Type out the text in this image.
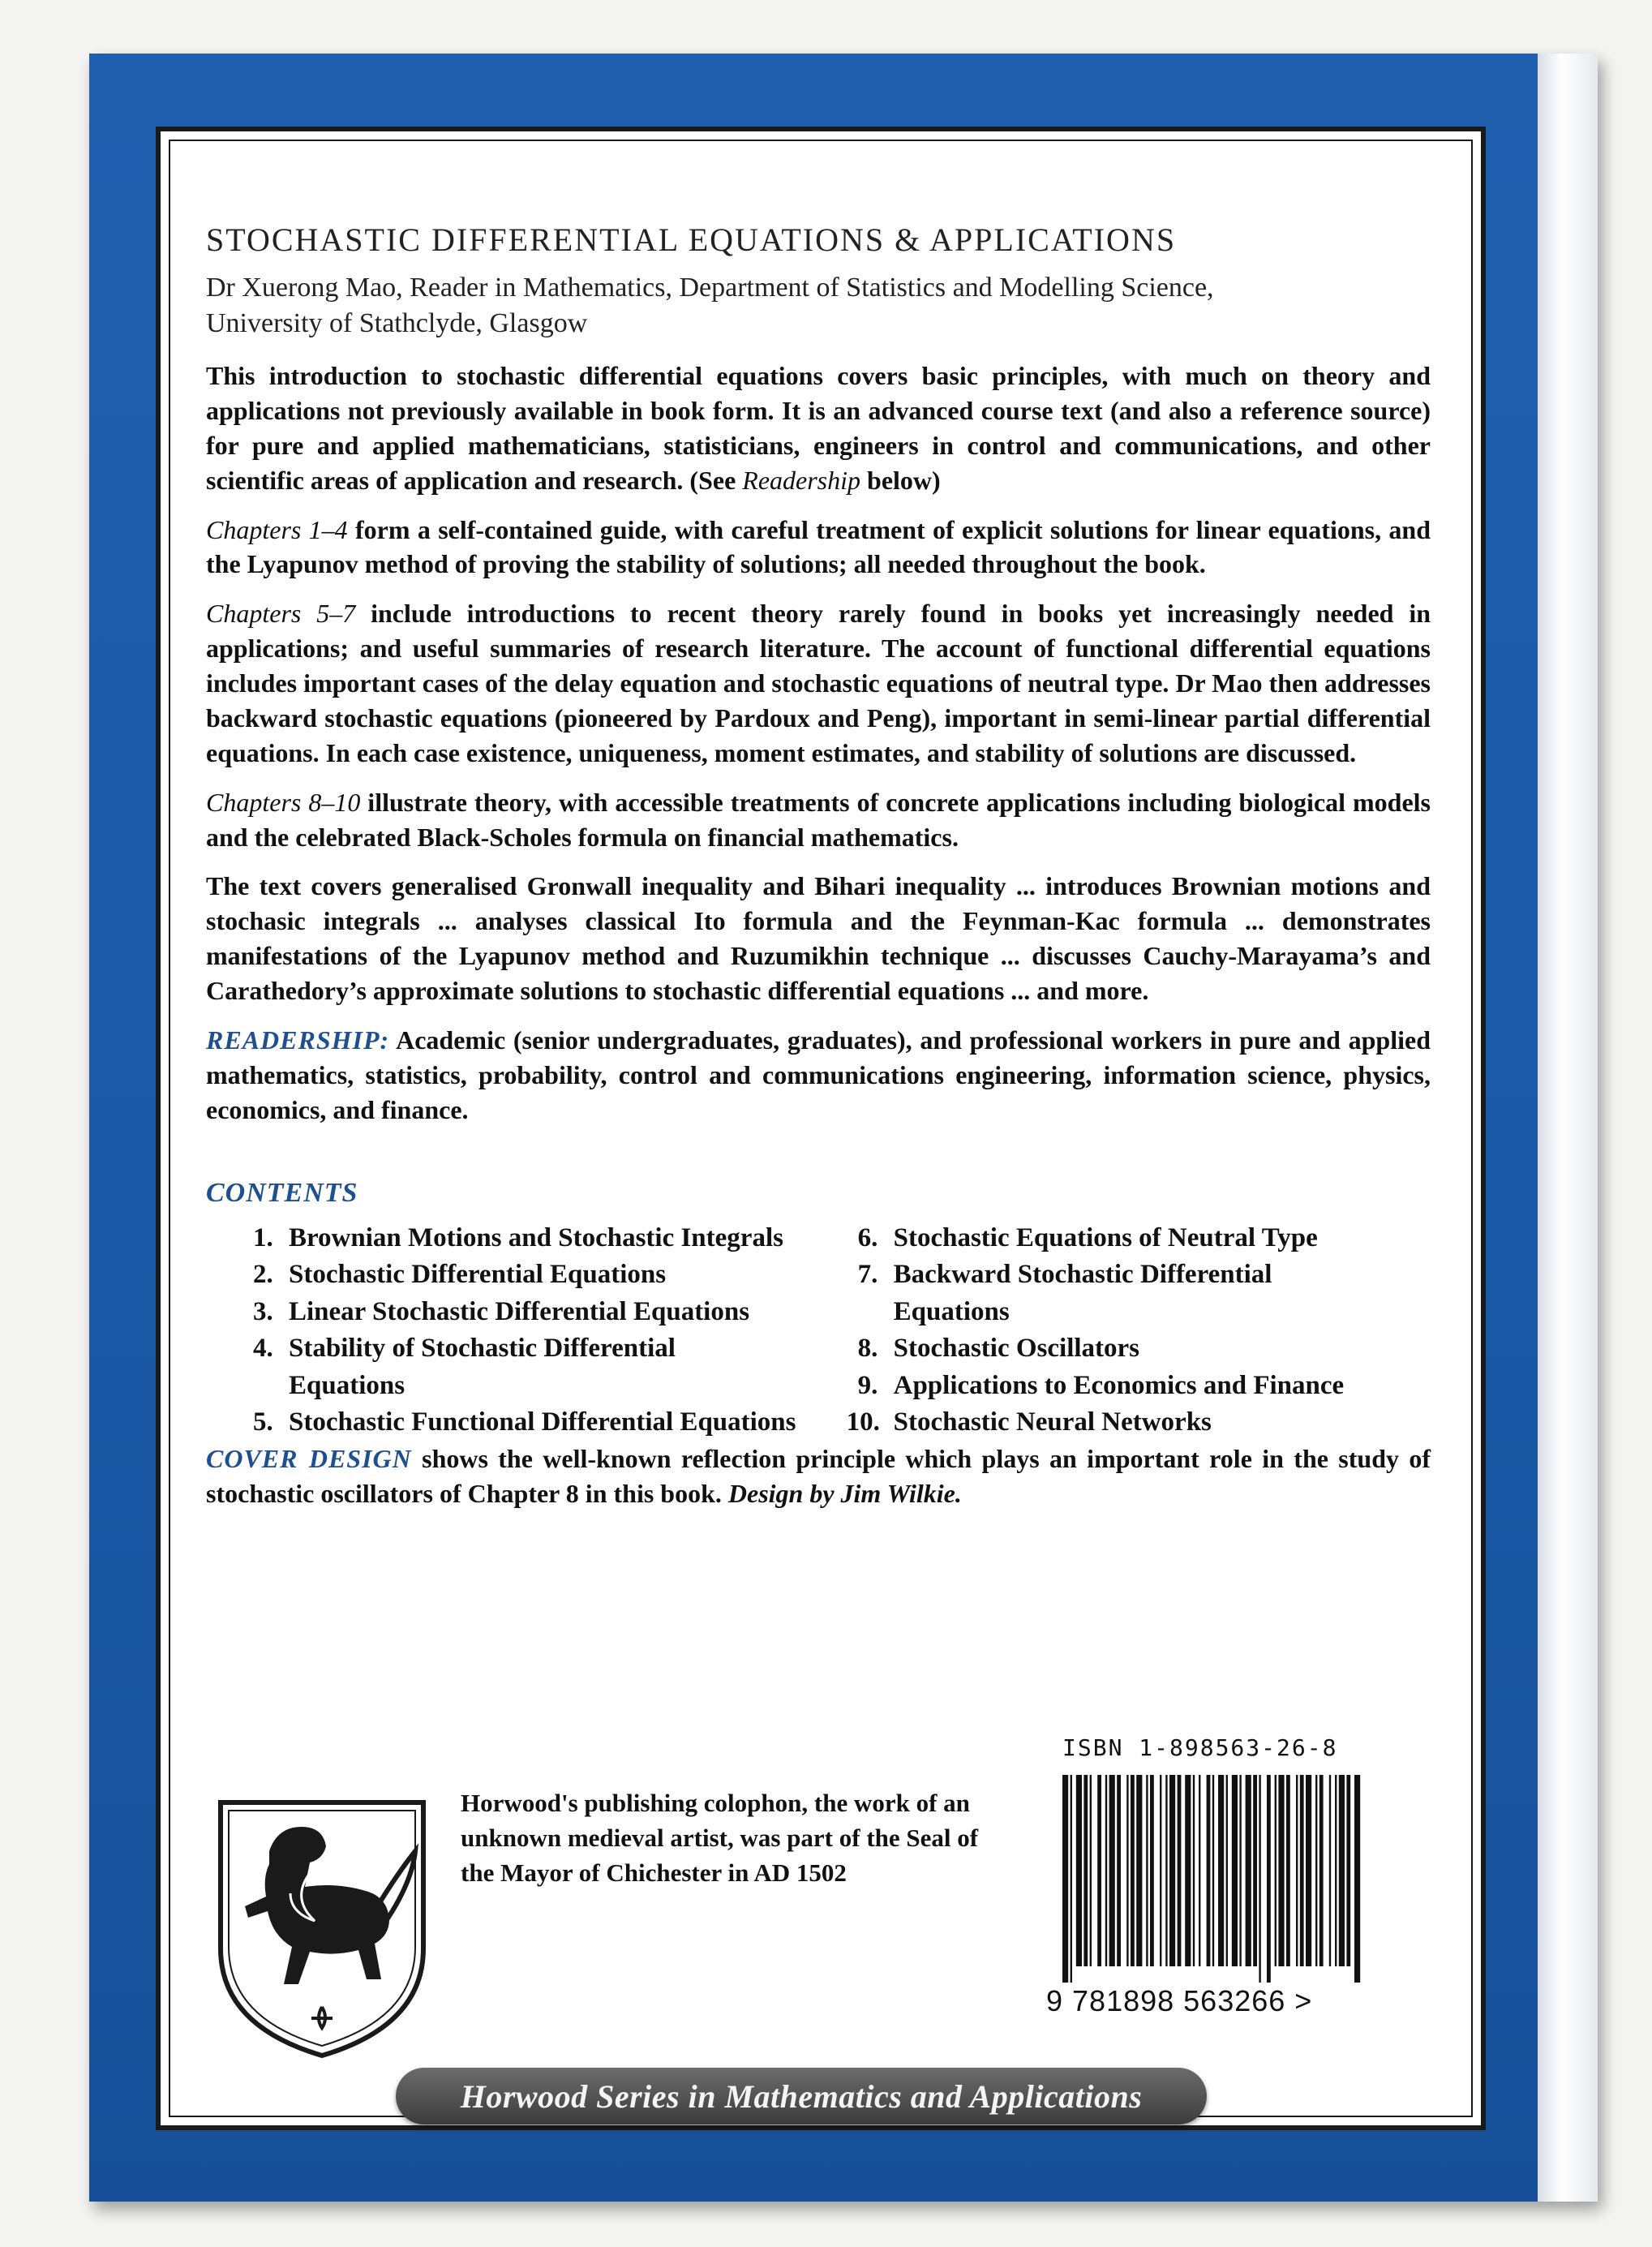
STOCHASTIC DIFFERENTIAL EQUATIONS & APPLICATIONS
Dr Xuerong Mao, Reader in Mathematics, Department of Statistics and Modelling Science,
University of Stathclyde, Glasgow

This introduction to stochastic differential equations covers basic principles, with much on theory and applications not previously available in book form. It is an advanced course text (and also a reference source) for pure and applied mathematicians, statisticians, engineers in control and communications, and other scientific areas of application and research. (See Readership below)

Chapters 1–4 form a self-contained guide, with careful treatment of explicit solutions for linear equations, and the Lyapunov method of proving the stability of solutions; all needed throughout the book.

Chapters 5–7 include introductions to recent theory rarely found in books yet increasingly needed in applications; and useful summaries of research literature. The account of functional differential equations includes important cases of the delay equation and stochastic equations of neutral type. Dr Mao then addresses backward stochastic equations (pioneered by Pardoux and Peng), important in semi-linear partial differential equations. In each case existence, uniqueness, moment estimates, and stability of solutions are discussed.

Chapters 8–10 illustrate theory, with accessible treatments of concrete applications including biological models and the celebrated Black-Scholes formula on financial mathematics.

The text covers generalised Gronwall inequality and Bihari inequality ... introduces Brownian motions and stochasic integrals ... analyses classical Ito formula and the Feynman-Kac formula ... demonstrates manifestations of the Lyapunov method and Ruzumikhin technique ... discusses Cauchy-Marayama’s and Carathedory’s approximate solutions to stochastic differential equations ... and more.

READERSHIP: Academic (senior undergraduates, graduates), and professional workers in pure and applied mathematics, statistics, probability, control and communications engineering, information science, physics, economics, and finance.

CONTENTS
1. Brownian Motions and Stochastic Integrals
2. Stochastic Differential Equations
3. Linear Stochastic Differential Equations
4. Stability of Stochastic Differential Equations
5. Stochastic Functional Differential Equations
6. Stochastic Equations of Neutral Type
7. Backward Stochastic Differential Equations
8. Stochastic Oscillators
9. Applications to Economics and Finance
10. Stochastic Neural Networks

COVER DESIGN shows the well-known reflection principle which plays an important role in the study of stochastic oscillators of Chapter 8 in this book. Design by Jim Wilkie.

Horwood's publishing colophon, the work of an unknown medieval artist, was part of the Seal of the Mayor of Chichester in AD 1502
ISBN 1-898563-26-8
9 781898 563266 >
Horwood Series in Mathematics and Applications
